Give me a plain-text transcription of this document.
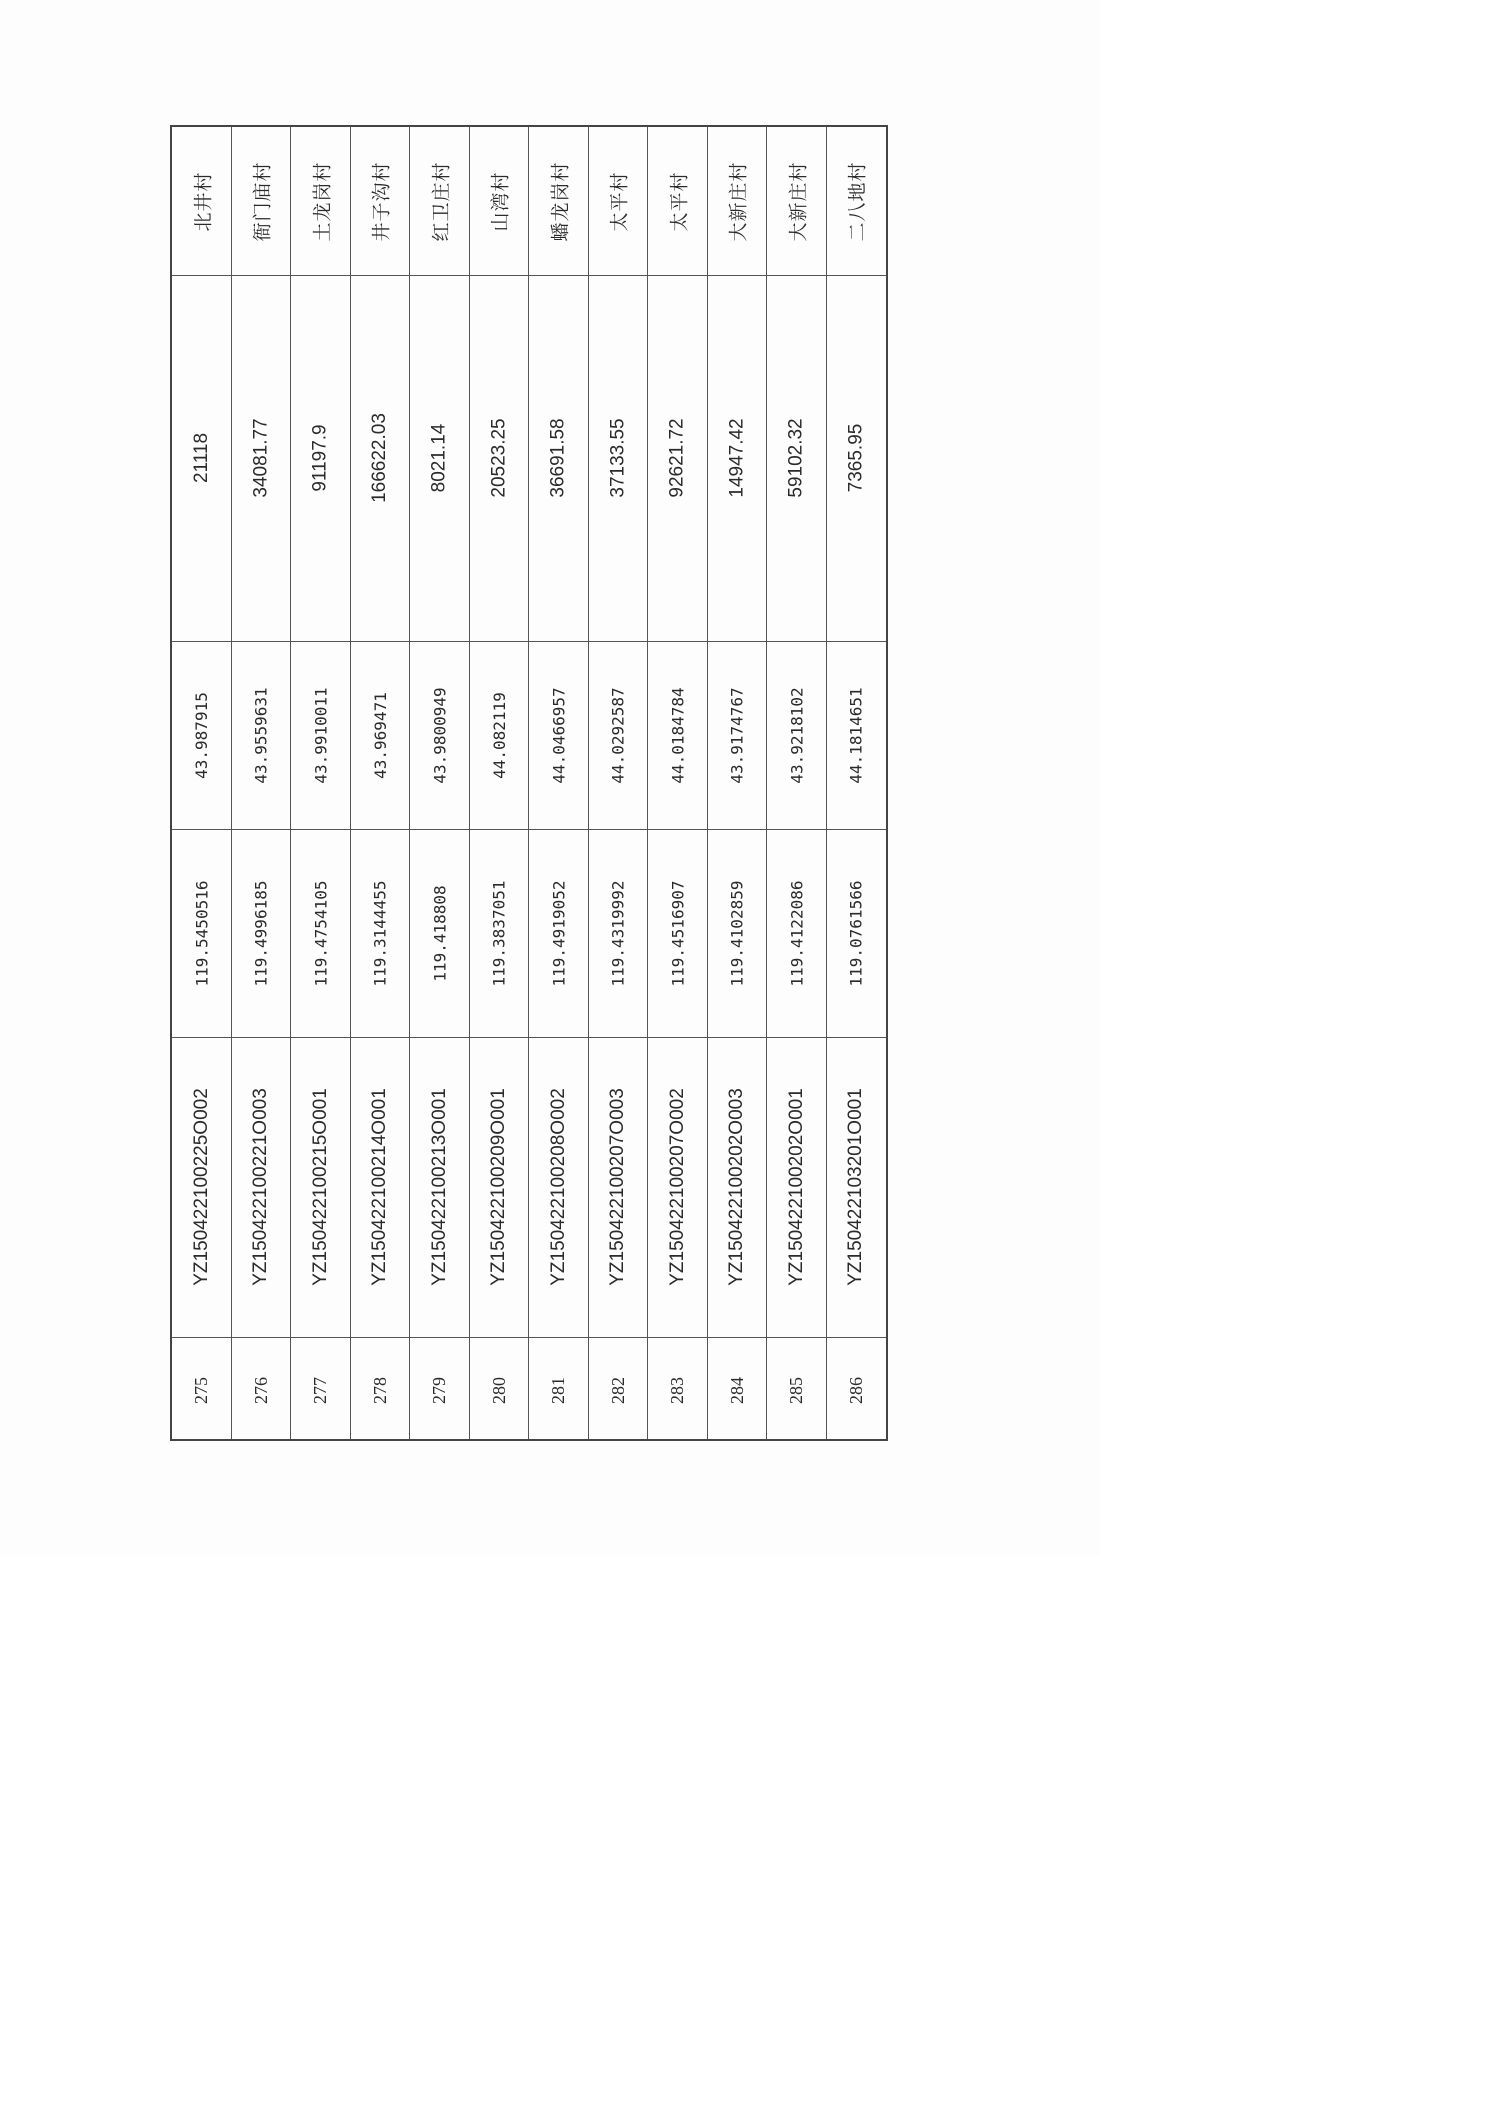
北井村
21118
43.987915
119.5450516
YZ150422100225O002
275
衙门庙村
34081.77
43.9559631
119.4996185
YZ150422100221O003
276
土龙岗村
91197.9
43.9910011
119.4754105
YZ150422100215O001
277
井子沟村
166622.03
43.969471
119.3144455
YZ150422100214O001
278
红卫庄村
8021.14
43.9800949
119.418808
YZ150422100213O001
279
山湾村
20523.25
44.082119
119.3837051
YZ150422100209O001
280
蟠龙岗村
36691.58
44.0466957
119.4919052
YZ150422100208O002
281
太平村
37133.55
44.0292587
119.4319992
YZ150422100207O003
282
太平村
92621.72
44.0184784
119.4516907
YZ150422100207O002
283
大新庄村
14947.42
43.9174767
119.4102859
YZ150422100202O003
284
大新庄村
59102.32
43.9218102
119.4122086
YZ150422100202O001
285
二八地村
7365.95
44.1814651
119.0761566
YZ150422103201O001
286
